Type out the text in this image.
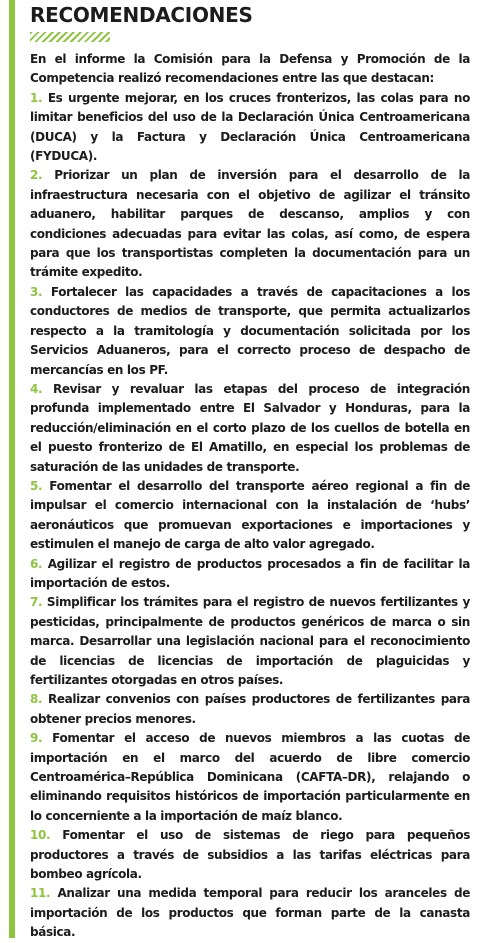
RECOMENDACIONES

En el informe la Comisión para la Defensa y Promoción de la Competencia realizó recomendaciones entre las que destacan:

1. Es urgente mejorar, en los cruces fronterizos, las colas para no limitar beneficios del uso de la Declaración Única Centroamericana (DUCA) y la Factura y Declaración Única Centroamericana (FYDUCA).
2. Priorizar un plan de inversión para el desarrollo de la infraestructura necesaria con el objetivo de agilizar el tránsito aduanero, habilitar parques de descanso, amplios y con condiciones adecuadas para evitar las colas, así como, de espera para que los transportistas completen la documentación para un trámite expedito.
3. Fortalecer las capacidades a través de capacitaciones a los conductores de medios de transporte, que permita actualizarlos respecto a la tramitología y documentación solicitada por los Servicios Aduaneros, para el correcto proceso de despacho de mercancías en los PF.
4. Revisar y revaluar las etapas del proceso de integración profunda implementado entre El Salvador y Honduras, para la reducción/eliminación en el corto plazo de los cuellos de botella en el puesto fronterizo de El Amatillo, en especial los problemas de saturación de las unidades de transporte.
5. Fomentar el desarrollo del transporte aéreo regional a fin de impulsar el comercio internacional con la instalación de ‘hubs’ aeronáuticos que promuevan exportaciones e importaciones y estimulen el manejo de carga de alto valor agregado.
6. Agilizar el registro de productos procesados a fin de facilitar la importación de estos.
7. Simplificar los trámites para el registro de nuevos fertilizantes y pesticidas, principalmente de productos genéricos de marca o sin marca. Desarrollar una legislación nacional para el reconocimiento de licencias de licencias de importación de plaguicidas y fertilizantes otorgadas en otros países.
8. Realizar convenios con países productores de fertilizantes para obtener precios menores.
9. Fomentar el acceso de nuevos miembros a las cuotas de importación en el marco del acuerdo de libre comercio Centroamérica–República Dominicana (CAFTA–DR), relajando o eliminando requisitos históricos de importación particularmente en lo concerniente a la importación de maíz blanco.
10. Fomentar el uso de sistemas de riego para pequeños productores a través de subsidios a las tarifas eléctricas para bombeo agrícola.
11. Analizar una medida temporal para reducir los aranceles de importación de los productos que forman parte de la canasta básica.
